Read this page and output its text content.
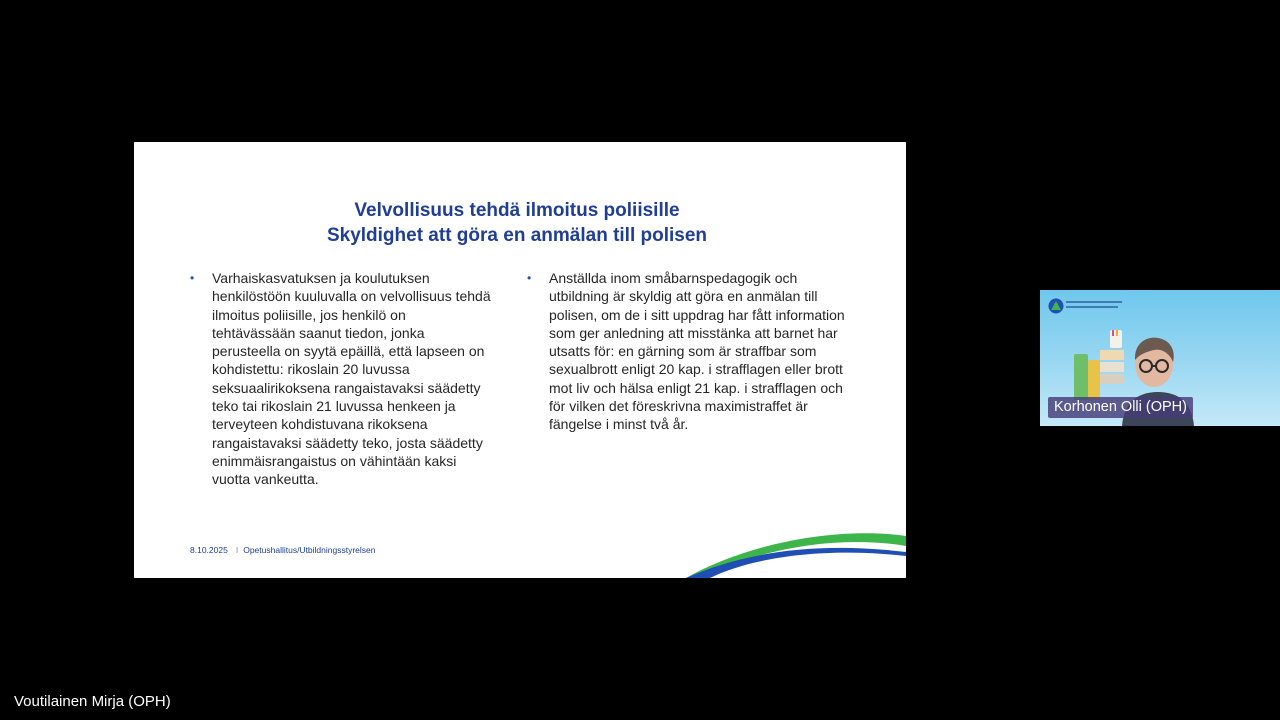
Velvollisuus tehdä ilmoitus poliisille
Skyldighet att göra en anmälan till polisen
• Varhaiskasvatuksen ja koulutuksen
henkilöstöön kuuluvalla on velvollisuus tehdä
ilmoitus poliisille, jos henkilö on
tehtävässään saanut tiedon, jonka
perusteella on syytä epäillä, että lapseen on
kohdistettu: rikoslain 20 luvussa
seksuaalirikoksena rangaistavaksi säädetty
teko tai rikoslain 21 luvussa henkeen ja
terveyteen kohdistuvana rikoksena
rangaistavaksi säädetty teko, josta säädetty
enimmäisrangaistus on vähintään kaksi
vuotta vankeutta.
• Anställda inom småbarnspedagogik och
utbildning är skyldig att göra en anmälan till
polisen, om de i sitt uppdrag har fått information
som ger anledning att misstänka att barnet har
utsatts för: en gärning som är straffbar som
sexualbrott enligt 20 kap. i strafflagen eller brott
mot liv och hälsa enligt 21 kap. i strafflagen och
för vilken det föreskrivna maximistraffet är
fängelse i minst två år.
8.10.2025 I Opetushallitus/Utbildningsstyrelsen
Korhonen Olli (OPH)
Voutilainen Mirja (OPH)
